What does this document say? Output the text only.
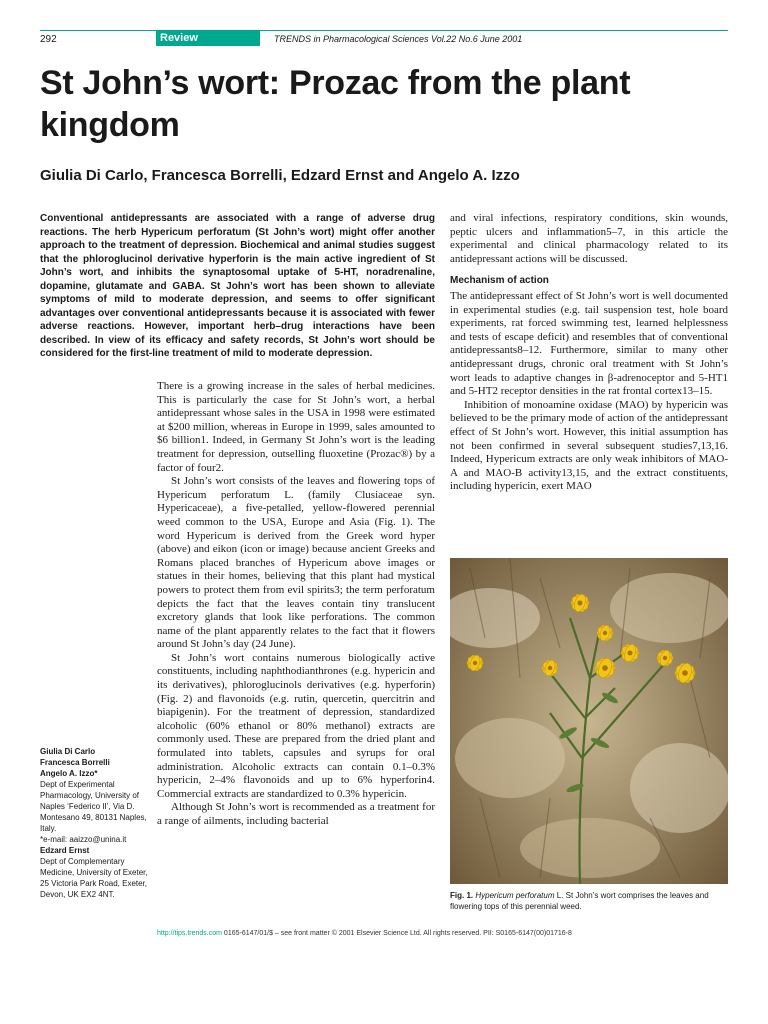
292	Review	TRENDS in Pharmacological Sciences Vol.22 No.6 June 2001
St John’s wort: Prozac from the plant kingdom
Giulia Di Carlo, Francesca Borrelli, Edzard Ernst and Angelo A. Izzo
Conventional antidepressants are associated with a range of adverse drug reactions. The herb Hypericum perforatum (St John’s wort) might offer another approach to the treatment of depression. Biochemical and animal studies suggest that the phloroglucinol derivative hyperforin is the main active ingredient of St John’s wort, and inhibits the synaptosomal uptake of 5-HT, noradrenaline, dopamine, glutamate and GABA. St John’s wort has been shown to alleviate symptoms of mild to moderate depression, and seems to offer significant advantages over conventional antidepressants because it is associated with fewer adverse reactions. However, important herb–drug interactions have been described. In view of its efficacy and safety records, St John’s wort should be considered for the first-line treatment of mild to moderate depression.

There is a growing increase in the sales of herbal medicines. This is particularly the case for St John’s wort, a herbal antidepressant whose sales in the USA in 1998 were estimated at $200 million, whereas in Europe in 1999, sales amounted to $6 billion1. Indeed, in Germany St John’s wort is the leading treatment for depression, outselling fluoxetine (Prozac®) by a factor of four2.

St John’s wort consists of the leaves and flowering tops of Hypericum perforatum L. (family Clusiaceae syn. Hypericaceae), a five-petalled, yellow-flowered perennial weed common to the USA, Europe and Asia (Fig. 1). The word Hypericum is derived from the Greek word hyper (above) and eikon (icon or image) because ancient Greeks and Romans placed branches of Hypericum above images or statues in their homes, believing that this plant had mystical powers to protect them from evil spirits3; the term perforatum depicts the fact that the leaves contain tiny translucent excretory glands that look like perforations. The common name of the plant apparently relates to the fact that it flowers around St John’s day (24 June).

St John’s wort contains numerous biologically active constituents, including naphthodianthrones (e.g. hypericin and its derivatives), phloroglucinols derivatives (e.g. hyperforin) (Fig. 2) and flavonoids (e.g. rutin, quercetin, quercitrin and biapigenin). For the treatment of depression, standardized alcoholic (60% ethanol or 80% methanol) extracts are commonly used. These are prepared from the dried plant and formulated into tablets, capsules and syrups for oral administration. Alcoholic extracts can contain 0.1–0.3% hypericin, 2–4% flavonoids and up to 6% hyperforin4. Commercial extracts are standardized to 0.3% hypericin.

Although St John’s wort is recommended as a treatment for a range of ailments, including bacterial

and viral infections, respiratory conditions, skin wounds, peptic ulcers and inflammation5–7, in this article the experimental and clinical pharmacology related to its antidepressant actions will be discussed.

Mechanism of action

The antidepressant effect of St John’s wort is well documented in experimental studies (e.g. tail suspension test, hole board experiments, rat forced swimming test, learned helplessness and tests of escape deficit) and resembles that of conventional antidepressants8–12. Furthermore, similar to many other antidepressant drugs, chronic oral treatment with St John’s wort leads to adaptive changes in β-adrenoceptor and 5-HT1 and 5-HT2 receptor densities in the rat frontal cortex13–15.

Inhibition of monoamine oxidase (MAO) by hypericin was believed to be the primary mode of action of the antidepressant effect of St John’s wort. However, this initial assumption has not been confirmed in several subsequent studies7,13,16. Indeed, Hypericum extracts are only weak inhibitors of MAO-A and MAO-B activity13,15, and the extract constituents, including hypericin, exert MAO

Giulia Di Carlo
Francesca Borrelli
Angelo A. Izzo*
Dept of Experimental Pharmacology, University of Naples ‘Federico II’, Via D. Montesano 49, 80131 Naples, Italy.
*e-mail: aaizzo@unina.it
Edzard Ernst
Dept of Complementary Medicine, University of Exeter, 25 Victoria Park Road, Exeter, Devon, UK EX2 4NT.	Fig. 1. Hypericum perforatum L. St John’s wort comprises the leaves and flowering tops of this perennial weed.
http://tips.trends.com 0165-6147/01/$ – see front matter © 2001 Elsevier Science Ltd. All rights reserved. PII: S0165-6147(00)01716-8
